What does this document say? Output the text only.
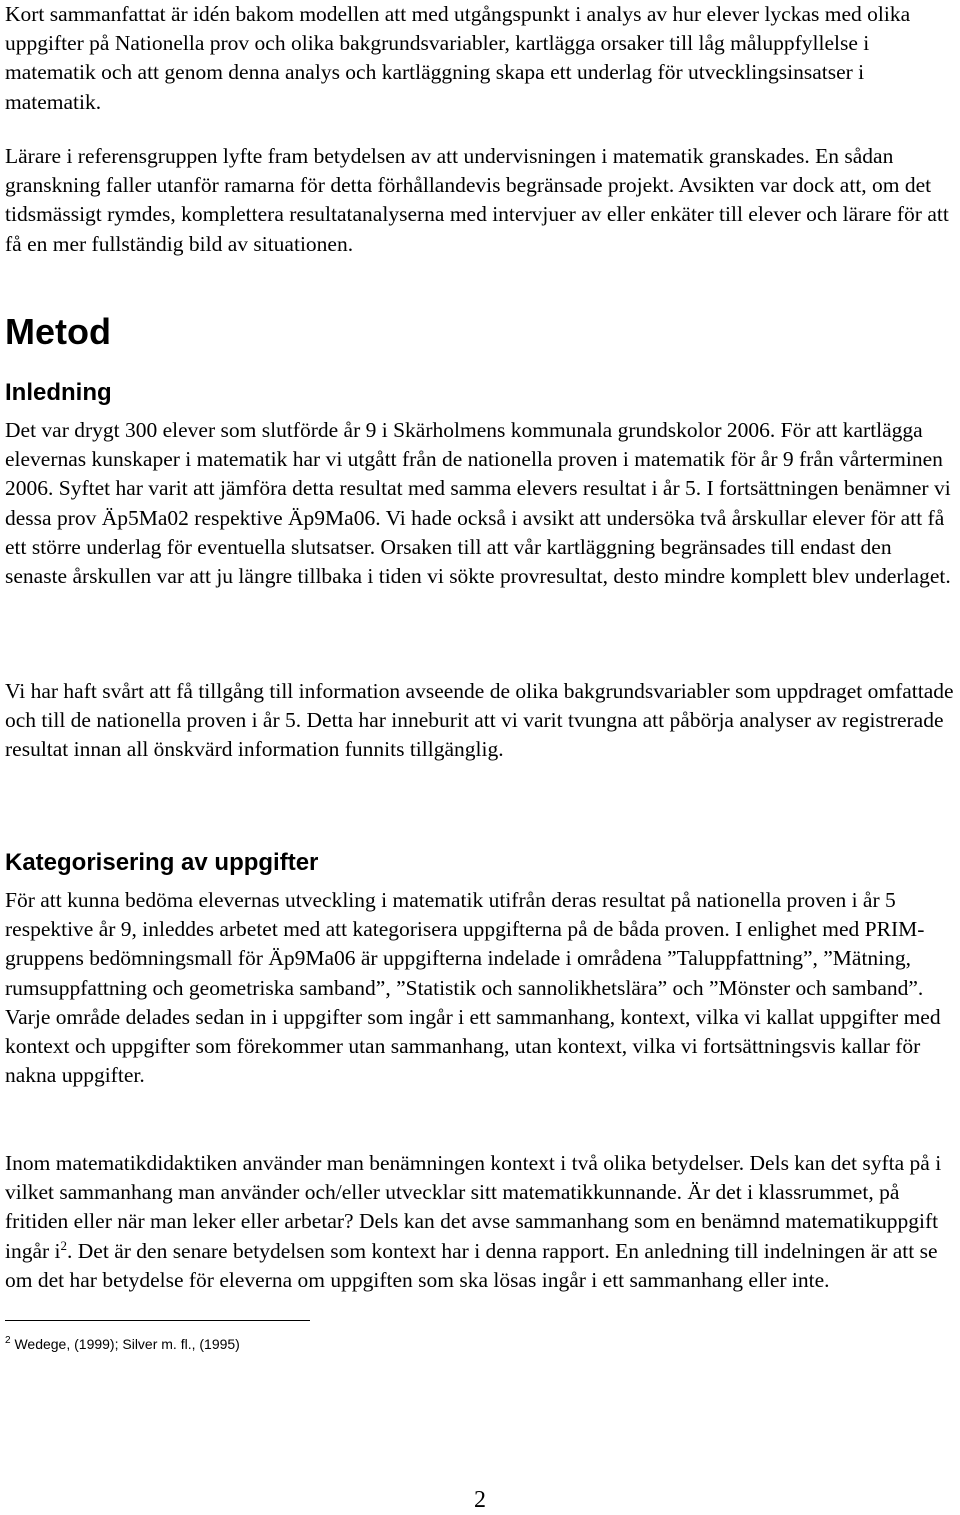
Kort sammanfattat är idén bakom modellen att med utgångspunkt i analys av hur elever lyckas med olika uppgifter på Nationella prov och olika bakgrundsvariabler, kartlägga orsaker till låg måluppfyllelse i matematik och att genom denna analys och kartläggning skapa ett underlag för utvecklingsinsatser i matematik.

Lärare i referensgruppen lyfte fram betydelsen av att undervisningen i matematik granskades. En sådan granskning faller utanför ramarna för detta förhållandevis begränsade projekt. Avsikten var dock att, om det tidsmässigt rymdes, komplettera resultatanalyserna med intervjuer av eller enkäter till elever och lärare för att få en mer fullständig bild av situationen.

Metod
Inledning

Det var drygt 300 elever som slutförde år 9 i Skärholmens kommunala grundskolor 2006. För att kartlägga elevernas kunskaper i matematik har vi utgått från de nationella proven i matematik för år 9 från vårterminen 2006. Syftet har varit att jämföra detta resultat med samma elevers resultat i år 5. I fortsättningen benämner vi dessa prov Äp5Ma02 respektive Äp9Ma06. Vi hade också i avsikt att undersöka två årskullar elever för att få ett större underlag för eventuella slutsatser. Orsaken till att vår kartläggning begränsades till endast den senaste årskullen var att ju längre tillbaka i tiden vi sökte provresultat, desto mindre komplett blev underlaget.

Vi har haft svårt att få tillgång till information avseende de olika bakgrundsvariabler som uppdraget omfattade och till de nationella proven i år 5. Detta har inneburit att vi varit tvungna att påbörja analyser av registrerade resultat innan all önskvärd information funnits tillgänglig.

Kategorisering av uppgifter

För att kunna bedöma elevernas utveckling i matematik utifrån deras resultat på nationella proven i år 5 respektive år 9, inleddes arbetet med att kategorisera uppgifterna på de båda proven. I enlighet med PRIM-gruppens bedömningsmall för Äp9Ma06 är uppgifterna indelade i områdena ”Taluppfattning”, ”Mätning, rumsuppfattning och geometriska samband”, ”Statistik och sannolikhetslära” och ”Mönster och samband”. Varje område delades sedan in i uppgifter som ingår i ett sammanhang, kontext, vilka vi kallat uppgifter med kontext och uppgifter som förekommer utan sammanhang, utan kontext, vilka vi fortsättningsvis kallar för nakna uppgifter.

Inom matematikdidaktiken använder man benämningen kontext i två olika betydelser. Dels kan det syfta på i vilket sammanhang man använder och/eller utvecklar sitt matematikkunnande. Är det i klassrummet, på fritiden eller när man leker eller arbetar? Dels kan det avse sammanhang som en benämnd matematikuppgift ingår $i^2$. Det är den senare betydelsen som kontext har i denna rapport. En anledning till indelningen är att se om det har betydelse för eleverna om uppgiften som ska lösas ingår i ett sammanhang eller inte.

$^2$ Wedege, (1999); Silver m. fl., (1995)

2
